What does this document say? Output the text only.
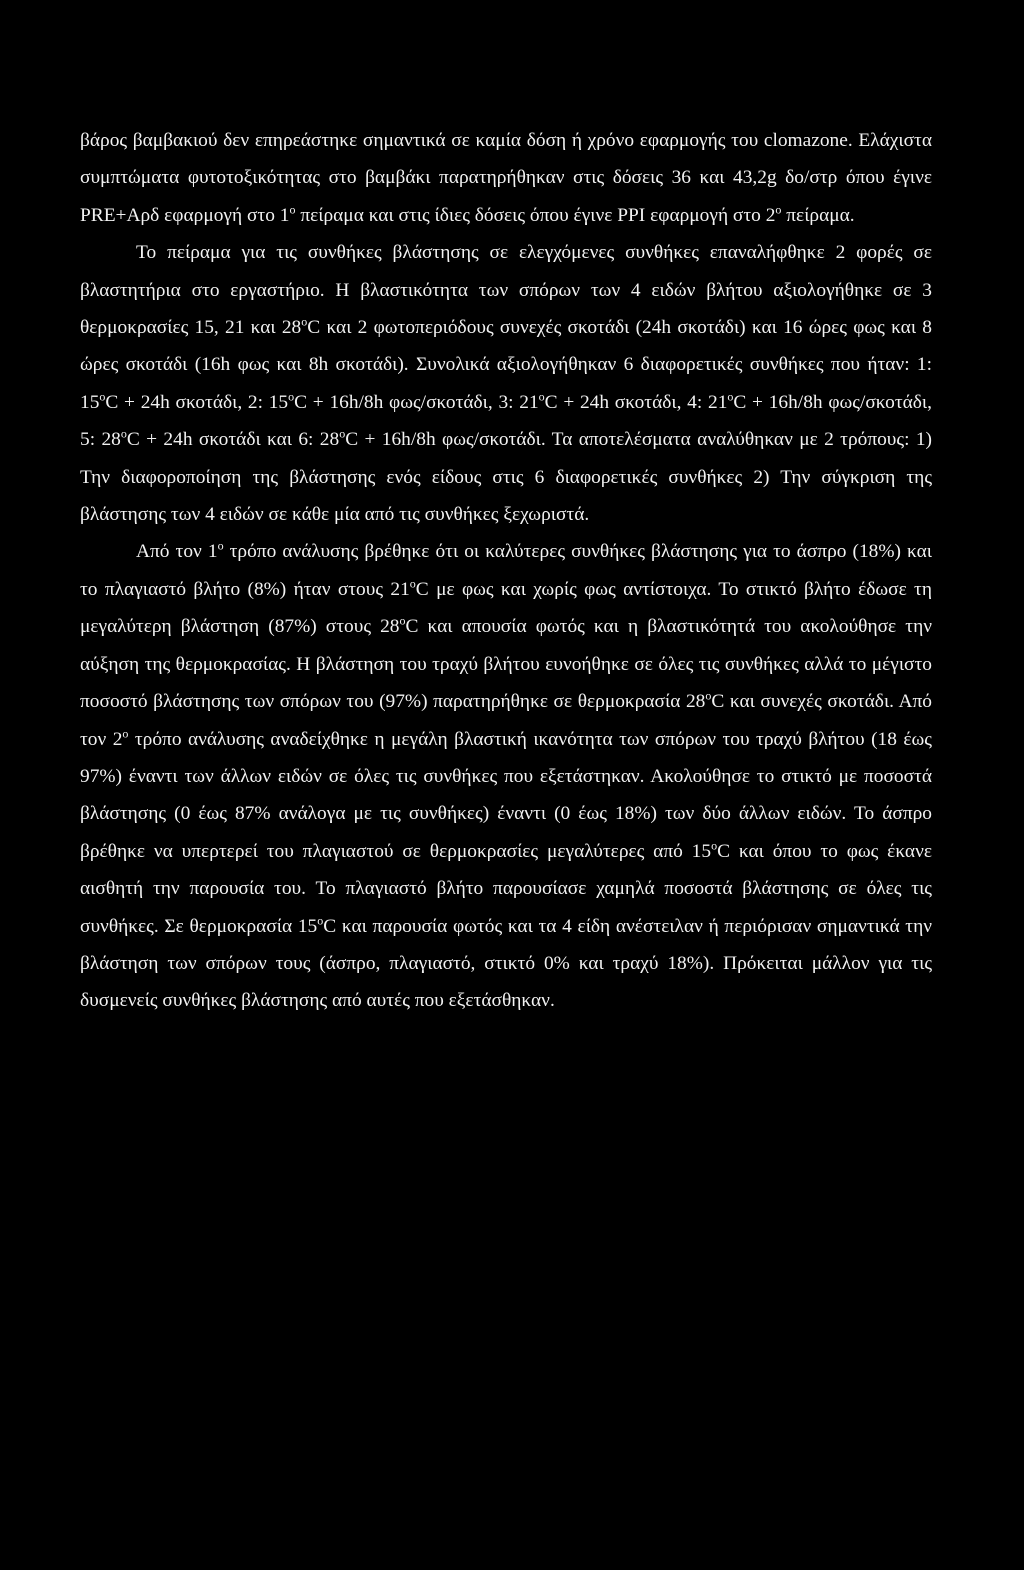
βάρος βαμβακιού δεν επηρεάστηκε σημαντικά σε καμία δόση ή χρόνο εφαρμογής του clomazone. Ελάχιστα συμπτώματα φυτοτοξικότητας στο βαμβάκι παρατηρήθηκαν στις δόσεις 36 και 43,2g δο/στρ όπου έγινε PRE+Αρδ εφαρμογή στο $1^o$ πείραμα και στις ίδιες δόσεις όπου έγινε PPI εφαρμογή στο $2^o$ πείραμα.

Το πείραμα για τις συνθήκες βλάστησης σε ελεγχόμενες συνθήκες επαναλήφθηκε 2 φορές σε βλαστητήρια στο εργαστήριο. Η βλαστικότητα των σπόρων των 4 ειδών βλήτου αξιολογήθηκε σε 3 θερμοκρασίες 15, 21 και $28^oC$ και 2 φωτοπεριόδους συνεχές σκοτάδι (24h σκοτάδι) και 16 ώρες φως και 8 ώρες σκοτάδι (16h φως και 8h σκοτάδι). Συνολικά αξιολογήθηκαν 6 διαφορετικές συνθήκες που ήταν: 1: $15^oC + 24h$ σκοτάδι, 2: $15^oC + 16h/8h$ φως/σκοτάδι, 3: $21^oC + 24h$ σκοτάδι, 4: $21^oC + 16h/8h$ φως/σκοτάδι, 5: $28^oC + 24h$ σκοτάδι και 6: $28^oC + 16h/8h$ φως/σκοτάδι. Τα αποτελέσματα αναλύθηκαν με 2 τρόπους: 1) Την διαφοροποίηση της βλάστησης ενός είδους στις 6 διαφορετικές συνθήκες 2) Την σύγκριση της βλάστησης των 4 ειδών σε κάθε μία από τις συνθήκες ξεχωριστά.

Από τον $1^o$ τρόπο ανάλυσης βρέθηκε ότι οι καλύτερες συνθήκες βλάστησης για το άσπρο (18%) και το πλαγιαστό βλήτο (8%) ήταν στους $21^oC$ με φως και χωρίς φως αντίστοιχα. Το στικτό βλήτο έδωσε τη μεγαλύτερη βλάστηση (87%) στους $28^oC$ και απουσία φωτός και η βλαστικότητά του ακολούθησε την αύξηση της θερμοκρασίας. Η βλάστηση του τραχύ βλήτου ευνοήθηκε σε όλες τις συνθήκες αλλά το μέγιστο ποσοστό βλάστησης των σπόρων του (97%) παρατηρήθηκε σε θερμοκρασία $28^oC$ και συνεχές σκοτάδι. Από τον $2^o$ τρόπο ανάλυσης αναδείχθηκε η μεγάλη βλαστική ικανότητα των σπόρων του τραχύ βλήτου (18 έως 97%) έναντι των άλλων ειδών σε όλες τις συνθήκες που εξετάστηκαν. Ακολούθησε το στικτό με ποσοστά βλάστησης (0 έως 87% ανάλογα με τις συνθήκες) έναντι (0 έως 18%) των δύο άλλων ειδών. Το άσπρο βρέθηκε να υπερτερεί του πλαγιαστού σε θερμοκρασίες μεγαλύτερες από $15^oC$ και όπου το φως έκανε αισθητή την παρουσία του. Το πλαγιαστό βλήτο παρουσίασε χαμηλά ποσοστά βλάστησης σε όλες τις συνθήκες. Σε θερμοκρασία $15^oC$ και παρουσία φωτός και τα 4 είδη ανέστειλαν ή περιόρισαν σημαντικά την βλάστηση των σπόρων τους (άσπρο, πλαγιαστό, στικτό 0% και τραχύ 18%). Πρόκειται μάλλον για τις δυσμενείς συνθήκες βλάστησης από αυτές που εξετάσθηκαν.
